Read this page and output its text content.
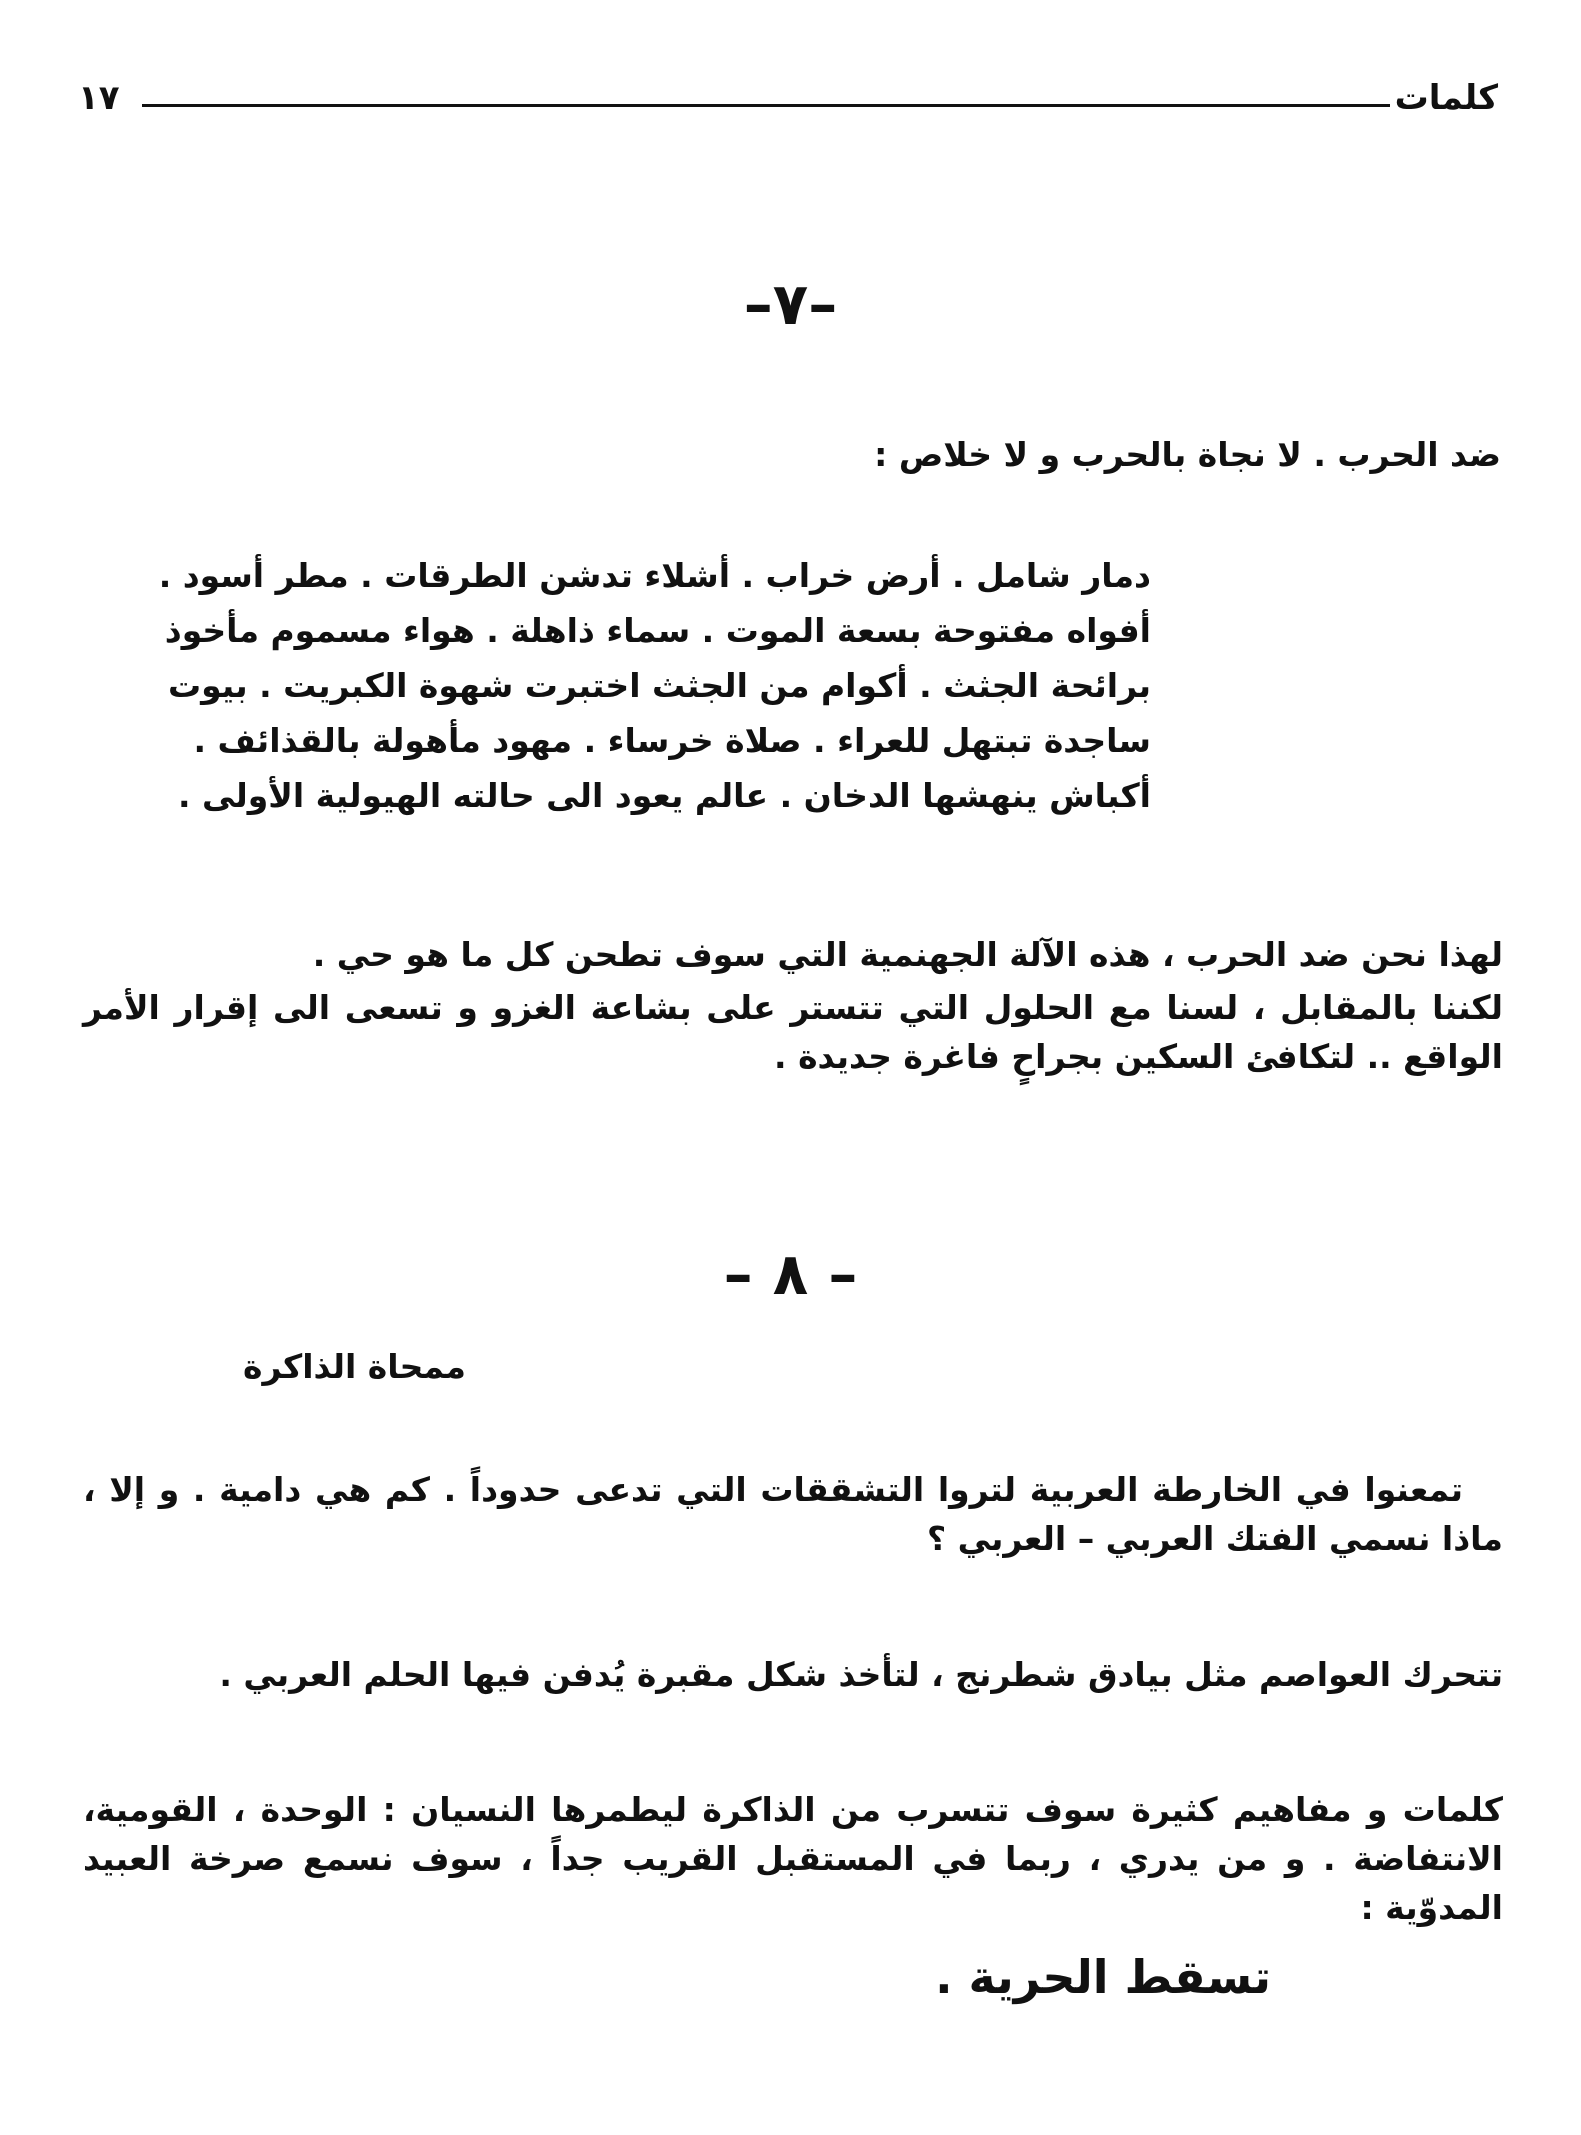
كلمات
١٧
–٧–
ضد الحرب . لا نجاة بالحرب و لا خلاص :
دمار شامل . أرض خراب . أشلاء تدشن الطرقات . مطر أسود .
أفواه مفتوحة بسعة الموت . سماء ذاهلة . هواء مسموم مأخوذ
برائحة الجثث . أكوام من الجثث اختبرت شهوة الكبريت . بيوت
ساجدة تبتهل للعراء . صلاة خرساء . مهود مأهولة بالقذائف .
أكباش ينهشها الدخان . عالم يعود الى حالته الهيولية الأولى .
لهذا نحن ضد الحرب ، هذه الآلة الجهنمية التي سوف تطحن كل ما هو حي .
لكننا بالمقابل ، لسنا مع الحلول التي تتستر على بشاعة الغزو و تسعى الى إقرار الأمر الواقع .. لتكافئ السكين بجراحٍ فاغرة جديدة .
– ٨ –
ممحاة الذاكرة
تمعنوا في الخارطة العربية لتروا التشققات التي تدعى حدوداً . كم هي دامية . و إلا ، ماذا نسمي الفتك العربي – العربي ؟
تتحرك العواصم مثل بيادق شطرنج ، لتأخذ شكل مقبرة يُدفن فيها الحلم العربي .
كلمات و مفاهيم كثيرة سوف تتسرب من الذاكرة ليطمرها النسيان : الوحدة ، القومية، الانتفاضة . و من يدري ، ربما في المستقبل القريب جداً ، سوف نسمع صرخة العبيد المدوّية :
تسقط الحرية .
